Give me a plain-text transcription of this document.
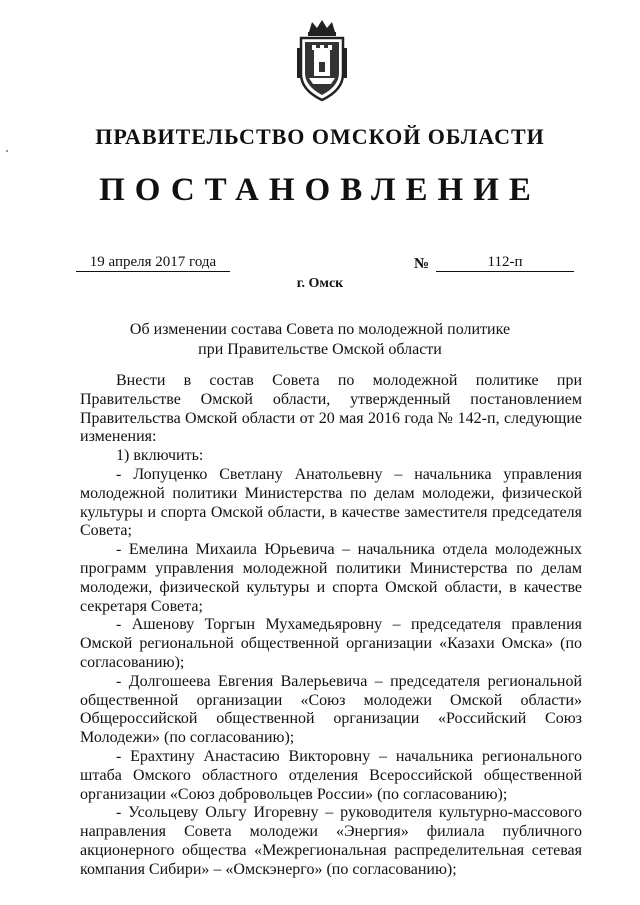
ПРАВИТЕЛЬСТВО ОМСКОЙ ОБЛАСТИ
ПОСТАНОВЛЕНИЕ
19 апреля 2017 года	№	112-п
г. Омск
Об изменении состава Совета по молодежной политике
при Правительстве Омской области

Внести в состав Совета по молодежной политике при Правительстве Омской области, утвержденный постановлением Правительства Омской области от 20 мая 2016 года № 142-п, следующие изменения:

1) включить:

- Лопуценко Светлану Анатольевну – начальника управления молодежной политики Министерства по делам молодежи, физической культуры и спорта Омской области, в качестве заместителя председателя Совета;

- Емелина Михаила Юрьевича – начальника отдела молодежных программ управления молодежной политики Министерства по делам молодежи, физической культуры и спорта Омской области, в качестве секретаря Совета;

- Ашенову Торгын Мухамедьяровну – председателя правления Омской региональной общественной организации «Казахи Омска» (по согласованию);

- Долгошеева Евгения Валерьевича – председателя региональной общественной организации «Союз молодежи Омской области» Общероссийской общественной организации «Российский Союз Молодежи» (по согласованию);

- Ерахтину Анастасию Викторовну – начальника регионального штаба Омского областного отделения Всероссийской общественной организации «Союз добровольцев России» (по согласованию);

- Усольцеву Ольгу Игоревну – руководителя культурно-массового направления Совета молодежи «Энергия» филиала публичного акционерного общества «Межрегиональная распределительная сетевая компания Сибири» – «Омскэнерго» (по согласованию);
